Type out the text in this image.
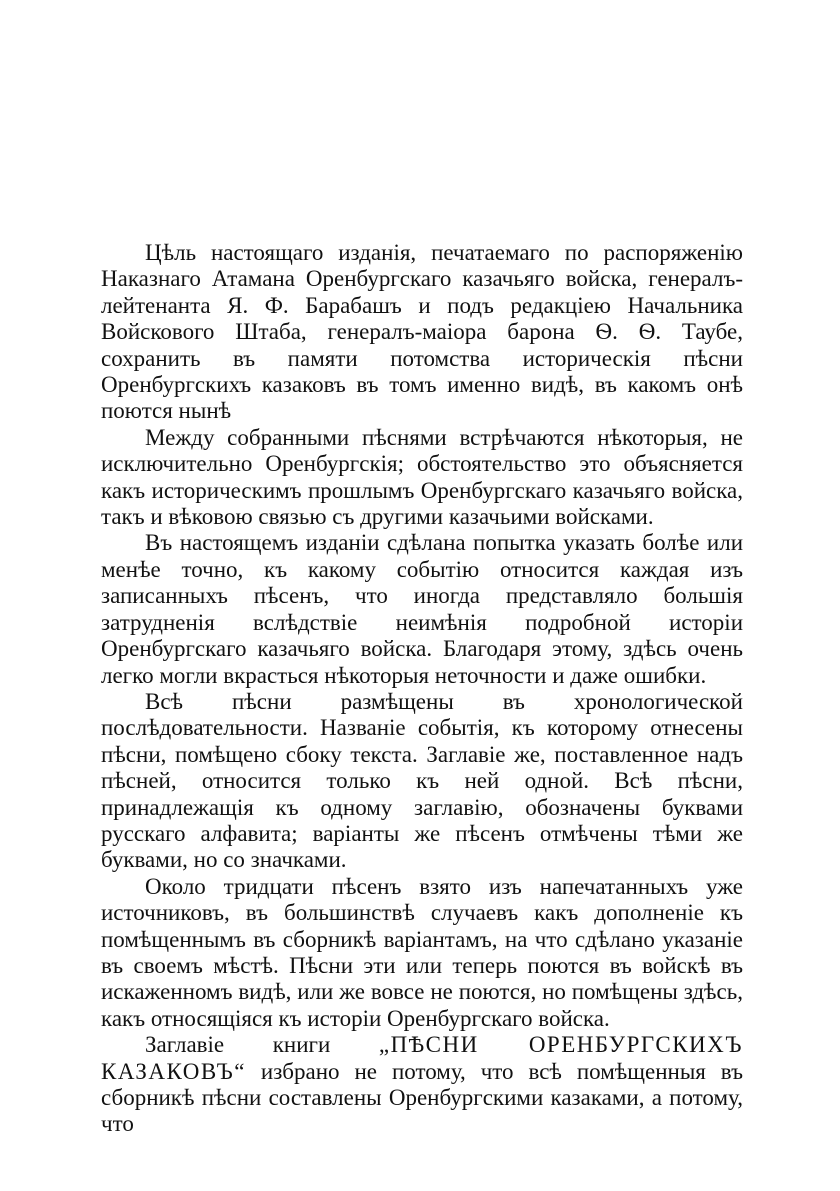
Цѣль настоящаго изданія, печатаемаго по распоряженію Наказнаго Атамана Оренбургскаго казачьяго войска, генералъ-лейтенанта Я. Ф. Барабашъ и подъ редакціею Начальника Войскового Штаба, генералъ-маіора барона Ѳ. Ѳ. Таубе, сохранить въ памяти потомства историческія пѣсни Оренбургскихъ казаковъ въ томъ именно видѣ, въ какомъ онѣ поются нынѣ

Между собранными пѣснями встрѣчаются нѣкоторыя, не исключительно Оренбургскія; обстоятельство это объясняется какъ историческимъ прошлымъ Оренбургскаго казачьяго войска, такъ и вѣковою связью съ другими казачьими войсками.

Въ настоящемъ изданіи сдѣлана попытка указать болѣе или менѣе точно, къ какому событію относится каждая изъ записанныхъ пѣсенъ, что иногда представляло большія затрудненія вслѣдствіе неимѣнія подробной исторіи Оренбургскаго казачьяго войска. Благодаря этому, здѣсь очень легко могли вкрасться нѣкоторыя неточности и даже ошибки.

Всѣ пѣсни размѣщены въ хронологической послѣдовательности. Названіе событія, къ которому отнесены пѣсни, помѣщено сбоку текста. Заглавіе же, поставленное надъ пѣсней, относится только къ ней одной. Всѣ пѣсни, принадлежащія къ одному заглавію, обозначены буквами русскаго алфавита; варіанты же пѣсенъ отмѣчены тѣми же буквами, но со значками.

Около тридцати пѣсенъ взято изъ напечатанныхъ уже источниковъ, въ большинствѣ случаевъ какъ дополненіе къ помѣщеннымъ въ сборникѣ варіантамъ, на что сдѣлано указаніе въ своемъ мѣстѣ. Пѣсни эти или теперь поются въ войскѣ въ искаженномъ видѣ, или же вовсе не поются, но помѣщены здѣсь, какъ относящіяся къ исторіи Оренбургскаго войска.

Заглавіе книги „ПѢСНИ ОРЕНБУРГСКИХЪ КАЗАКОВЪ“ избрано не потому, что всѣ помѣщенныя въ сборникѣ пѣсни составлены Оренбургскими казаками, а потому, что
